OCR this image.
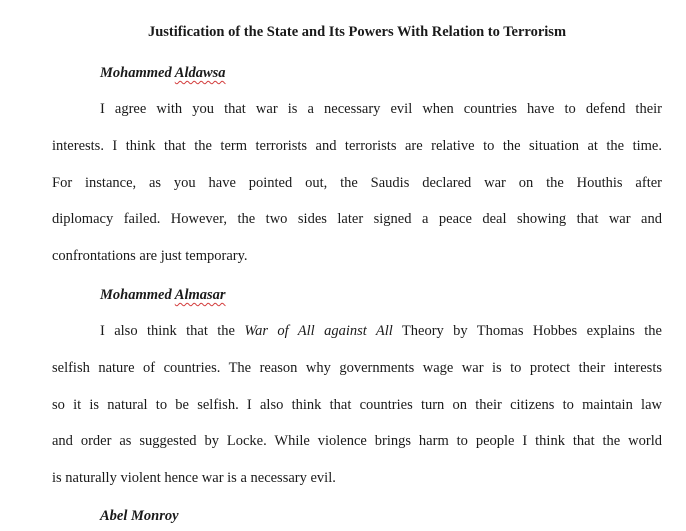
Justification of the State and Its Powers With Relation to Terrorism
Mohammed Aldawsa
I agree with you that war is a necessary evil when countries have to defend their
interests. I think that the term terrorists and terrorists are relative to the situation at the time.
For instance, as you have pointed out, the Saudis declared war on the Houthis after
diplomacy failed. However, the two sides later signed a peace deal showing that war and
confrontations are just temporary.
Mohammed Almasar
I also think that the War of All against All Theory by Thomas Hobbes explains the
selfish nature of countries. The reason why governments wage war is to protect their interests
so it is natural to be selfish. I also think that countries turn on their citizens to maintain law
and order as suggested by Locke. While violence brings harm to people I think that the world
is naturally violent hence war is a necessary evil.
Abel Monroy
